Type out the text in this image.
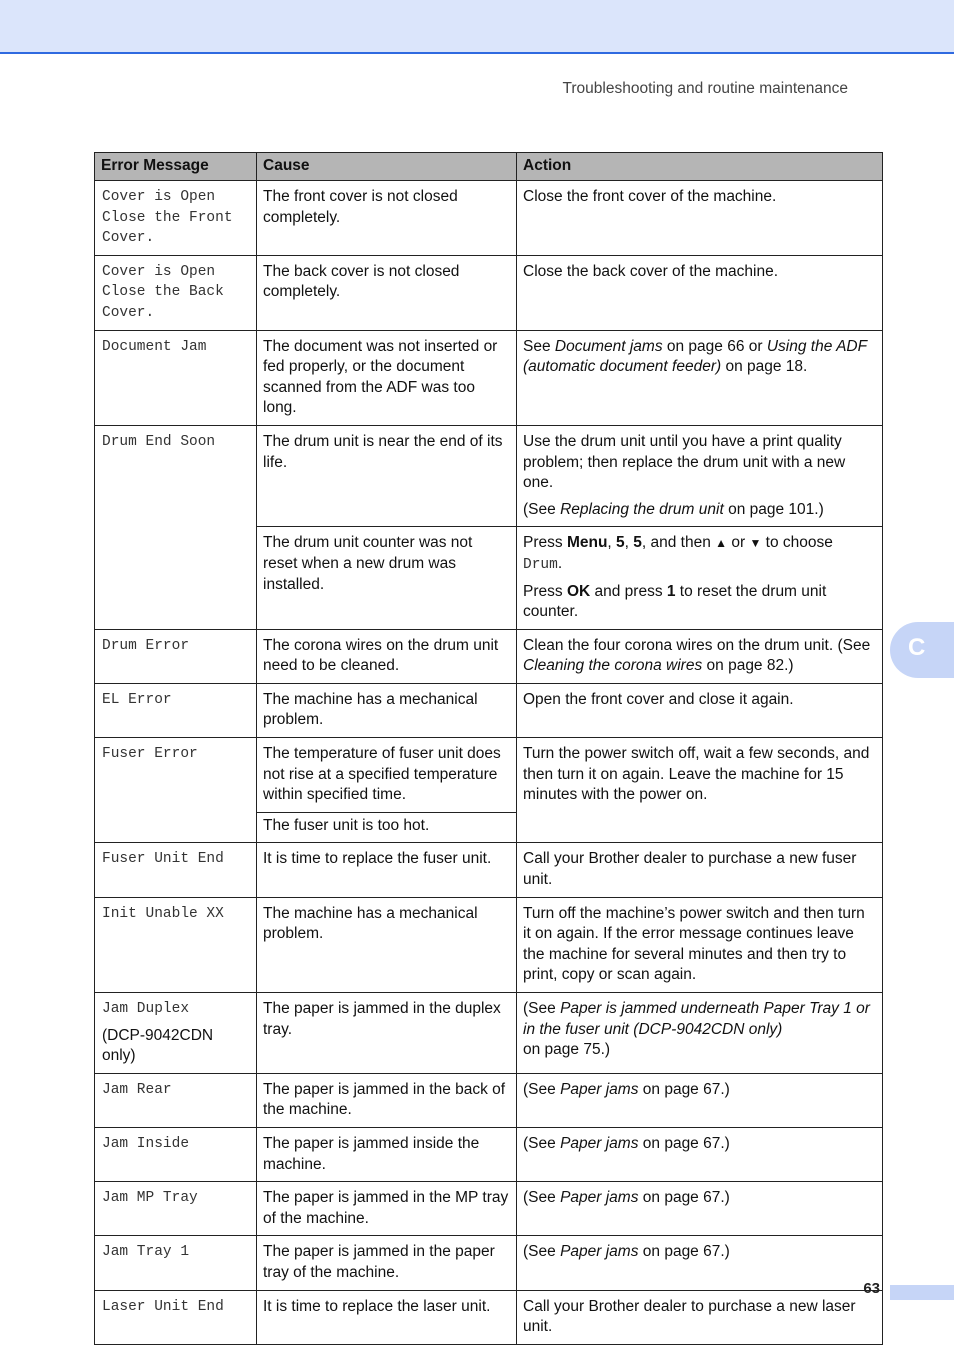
Troubleshooting and routine maintenance
C
Error Message	Cause	Action
Cover is Open
Close the Front
Cover.	The front cover is not closed completely.	Close the front cover of the machine.
Cover is Open
Close the Back
Cover.	The back cover is not closed completely.	Close the back cover of the machine.
Document Jam	The document was not inserted or fed properly, or the document scanned from the ADF was too long.	See Document jams on page 66 or Using the ADF (automatic document feeder) on page 18.
Drum End Soon	The drum unit is near the end of its life.	Use the drum unit until you have a print quality problem; then replace the drum unit with a new one.
(See Replacing the drum unit on page 101.)
	The drum unit counter was not reset when a new drum was installed.	Press Menu, 5, 5, and then ▲ or ▼ to choose Drum.
Press OK and press 1 to reset the drum unit counter.
Drum Error	The corona wires on the drum unit need to be cleaned.	Clean the four corona wires on the drum unit. (See Cleaning the corona wires on page 82.)
EL Error	The machine has a mechanical problem.	Open the front cover and close it again.
Fuser Error	The temperature of fuser unit does not rise at a specified temperature within specified time.	Turn the power switch off, wait a few seconds, and then turn it on again. Leave the machine for 15 minutes with the power on.
	The fuser unit is too hot.	
Fuser Unit End	It is time to replace the fuser unit.	Call your Brother dealer to purchase a new fuser unit.
Init Unable XX	The machine has a mechanical problem.	Turn off the machine’s power switch and then turn it on again. If the error message continues leave the machine for several minutes and then try to print, copy or scan again.
Jam Duplex
(DCP-9042CDN only)	The paper is jammed in the duplex tray.	(See Paper is jammed underneath Paper Tray 1 or in the fuser unit (DCP-9042CDN only)
on page 75.)
Jam Rear	The paper is jammed in the back of the machine.	(See Paper jams on page 67.)
Jam Inside	The paper is jammed inside the machine.	(See Paper jams on page 67.)
Jam MP Tray	The paper is jammed in the MP tray of the machine.	(See Paper jams on page 67.)
Jam Tray 1	The paper is jammed in the paper tray of the machine.	(See Paper jams on page 67.)
Laser Unit End	It is time to replace the laser unit.	Call your Brother dealer to purchase a new laser unit.
63
